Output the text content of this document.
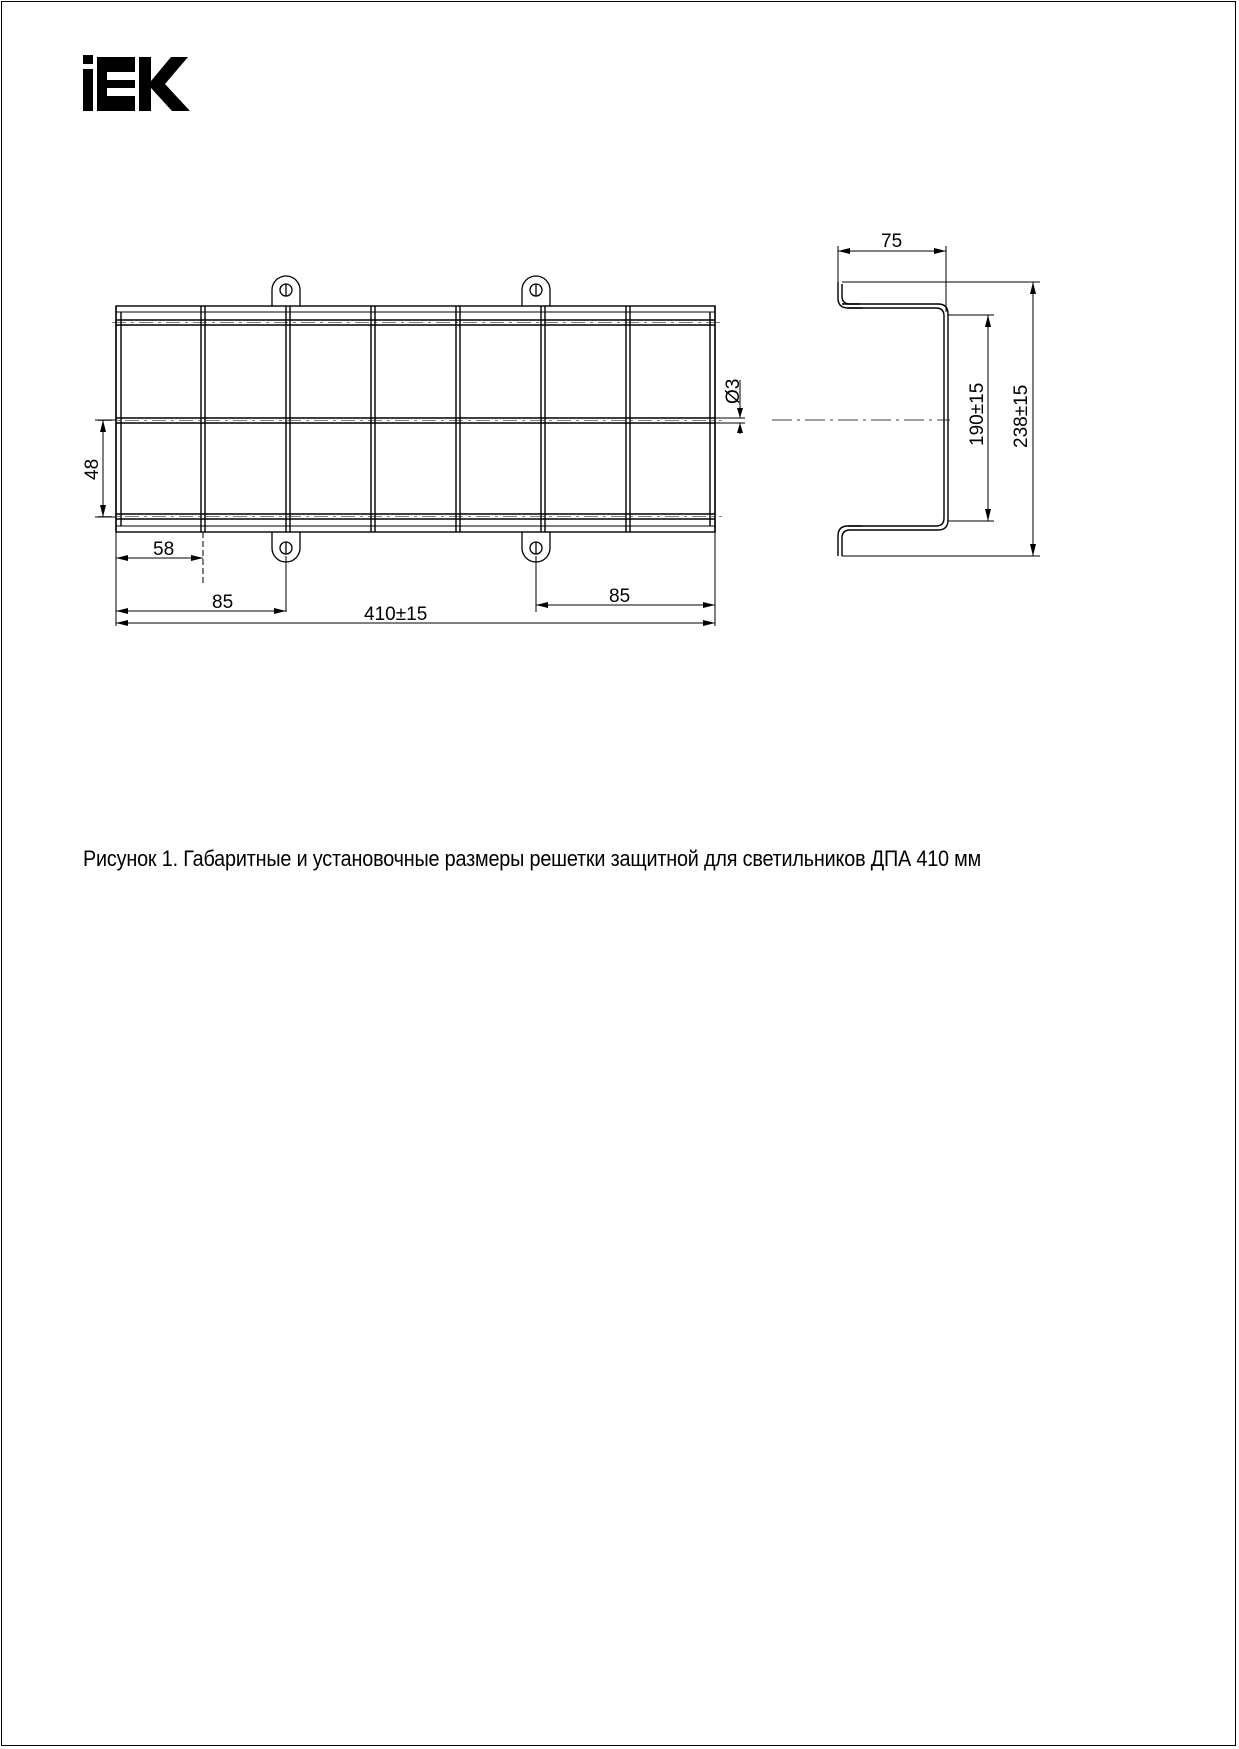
75
Ø3
48
190±15 238±15
58
85	85
410±15

Рисунок 1. Габаритные и установочные размеры решетки защитной для светильников ДПА 410 мм
